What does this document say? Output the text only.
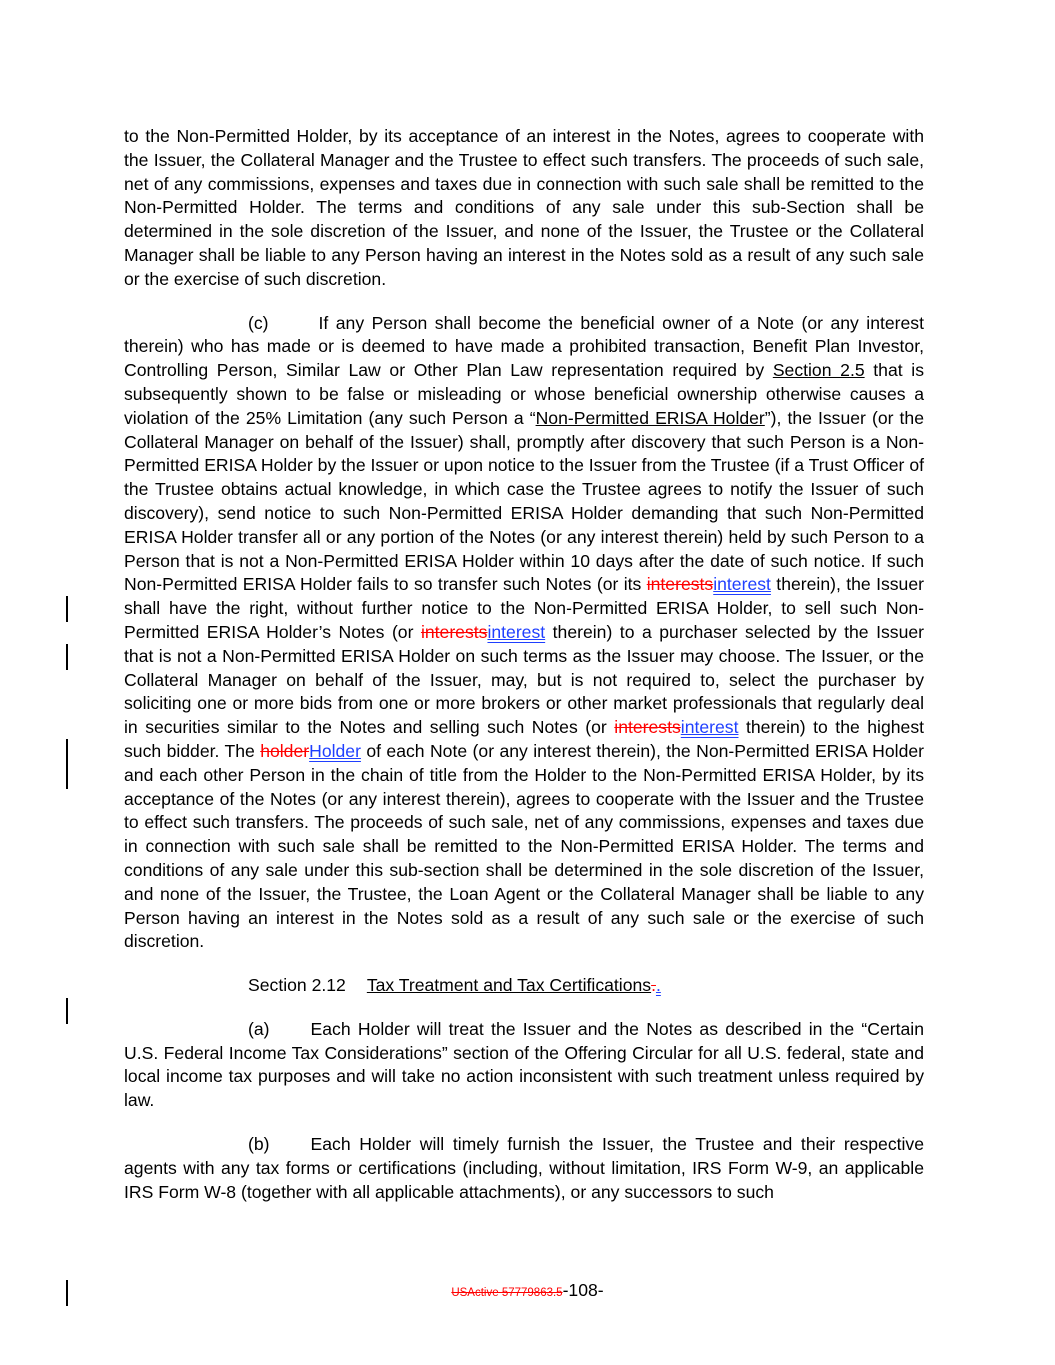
to the Non-Permitted Holder, by its acceptance of an interest in the Notes, agrees to cooperate with the Issuer, the Collateral Manager and the Trustee to effect such transfers. The proceeds of such sale, net of any commissions, expenses and taxes due in connection with such sale shall be remitted to the Non-Permitted Holder. The terms and conditions of any sale under this sub-Section shall be determined in the sole discretion of the Issuer, and none of the Issuer, the Trustee or the Collateral Manager shall be liable to any Person having an interest in the Notes sold as a result of any such sale or the exercise of such discretion.

(c)	If any Person shall become the beneficial owner of a Note (or any interest therein) who has made or is deemed to have made a prohibited transaction, Benefit Plan Investor, Controlling Person, Similar Law or Other Plan Law representation required by Section 2.5 that is subsequently shown to be false or misleading or whose beneficial ownership otherwise causes a violation of the 25% Limitation (any such Person a “Non-Permitted ERISA Holder”), the Issuer (or the Collateral Manager on behalf of the Issuer) shall, promptly after discovery that such Person is a Non-Permitted ERISA Holder by the Issuer or upon notice to the Issuer from the Trustee (if a Trust Officer of the Trustee obtains actual knowledge, in which case the Trustee agrees to notify the Issuer of such discovery), send notice to such Non-Permitted ERISA Holder demanding that such Non-Permitted ERISA Holder transfer all or any portion of the Notes (or any interest therein) held by such Person to a Person that is not a Non-Permitted ERISA Holder within 10 days after the date of such notice. If such Non-Permitted ERISA Holder fails to so transfer such Notes (or its interestsinterest therein), the Issuer shall have the right, without further notice to the Non-Permitted ERISA Holder, to sell such Non-Permitted ERISA Holder’s Notes (or interestsinterest therein) to a purchaser selected by the Issuer that is not a Non-Permitted ERISA Holder on such terms as the Issuer may choose. The Issuer, or the Collateral Manager on behalf of the Issuer, may, but is not required to, select the purchaser by soliciting one or more bids from one or more brokers or other market professionals that regularly deal in securities similar to the Notes and selling such Notes (or interestsinterest therein) to the highest such bidder. The holderHolder of each Note (or any interest therein), the Non-Permitted ERISA Holder and each other Person in the chain of title from the Holder to the Non-Permitted ERISA Holder, by its acceptance of the Notes (or any interest therein), agrees to cooperate with the Issuer and the Trustee to effect such transfers. The proceeds of such sale, net of any commissions, expenses and taxes due in connection with such sale shall be remitted to the Non-Permitted ERISA Holder. The terms and conditions of any sale under this sub-section shall be determined in the sole discretion of the Issuer, and none of the Issuer, the Trustee, the Loan Agent or the Collateral Manager shall be liable to any Person having an interest in the Notes sold as a result of any such sale or the exercise of such discretion.

Section 2.12 Tax Treatment and Tax Certifications..

(a) Each Holder will treat the Issuer and the Notes as described in the “Certain U.S. Federal Income Tax Considerations” section of the Offering Circular for all U.S. federal, state and local income tax purposes and will take no action inconsistent with such treatment unless required by law.

(b) Each Holder will timely furnish the Issuer, the Trustee and their respective agents with any tax forms or certifications (including, without limitation, IRS Form W-9, an applicable IRS Form W-8 (together with all applicable attachments), or any successors to such

USActive 57779863.5-108-
